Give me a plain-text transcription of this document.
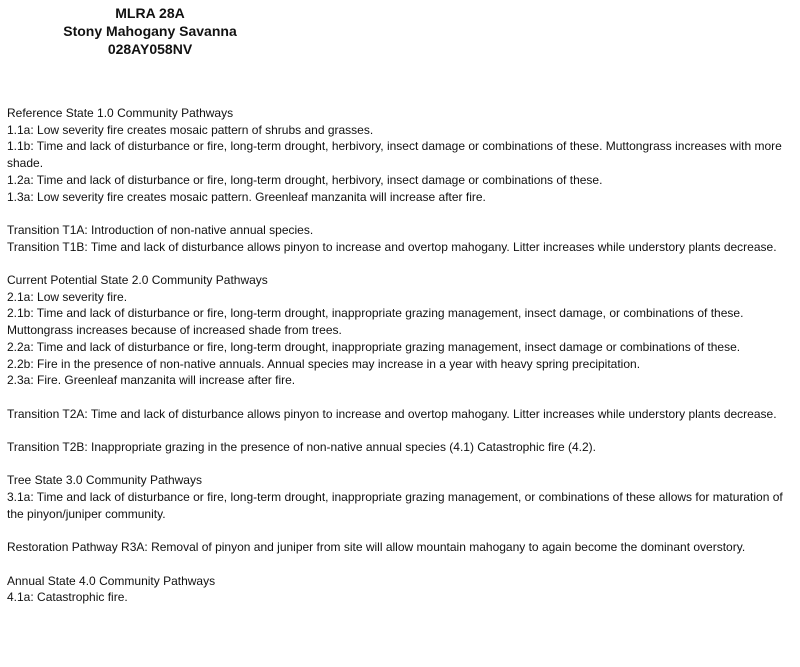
MLRA 28A
Stony Mahogany Savanna
028AY058NV

Reference State 1.0 Community Pathways

1.1a: Low severity fire creates mosaic pattern of shrubs and grasses.

1.1b: Time and lack of disturbance or fire, long-term drought, herbivory, insect damage or combinations of these. Muttongrass increases with more shade.

1.2a: Time and lack of disturbance or fire, long-term drought, herbivory, insect damage or combinations of these.

1.3a: Low severity fire creates mosaic pattern. Greenleaf manzanita will increase after fire.

Transition T1A: Introduction of non-native annual species.

Transition T1B: Time and lack of disturbance allows pinyon to increase and overtop mahogany. Litter increases while understory plants decrease.

Current Potential State 2.0 Community Pathways

2.1a: Low severity fire.

2.1b: Time and lack of disturbance or fire, long-term drought, inappropriate grazing management, insect damage, or combinations of these. Muttongrass increases because of increased shade from trees.

2.2a: Time and lack of disturbance or fire, long-term drought, inappropriate grazing management, insect damage or combinations of these.

2.2b: Fire in the presence of non-native annuals. Annual species may increase in a year with heavy spring precipitation.

2.3a: Fire. Greenleaf manzanita will increase after fire.

Transition T2A: Time and lack of disturbance allows pinyon to increase and overtop mahogany. Litter increases while understory plants decrease.

Transition T2B: Inappropriate grazing in the presence of non-native annual species (4.1) Catastrophic fire (4.2).

Tree State 3.0 Community Pathways

3.1a: Time and lack of disturbance or fire, long-term drought, inappropriate grazing management, or combinations of these allows for maturation of the pinyon/juniper community.

Restoration Pathway R3A: Removal of pinyon and juniper from site will allow mountain mahogany to again become the dominant overstory.

Annual State 4.0 Community Pathways

4.1a: Catastrophic fire.
